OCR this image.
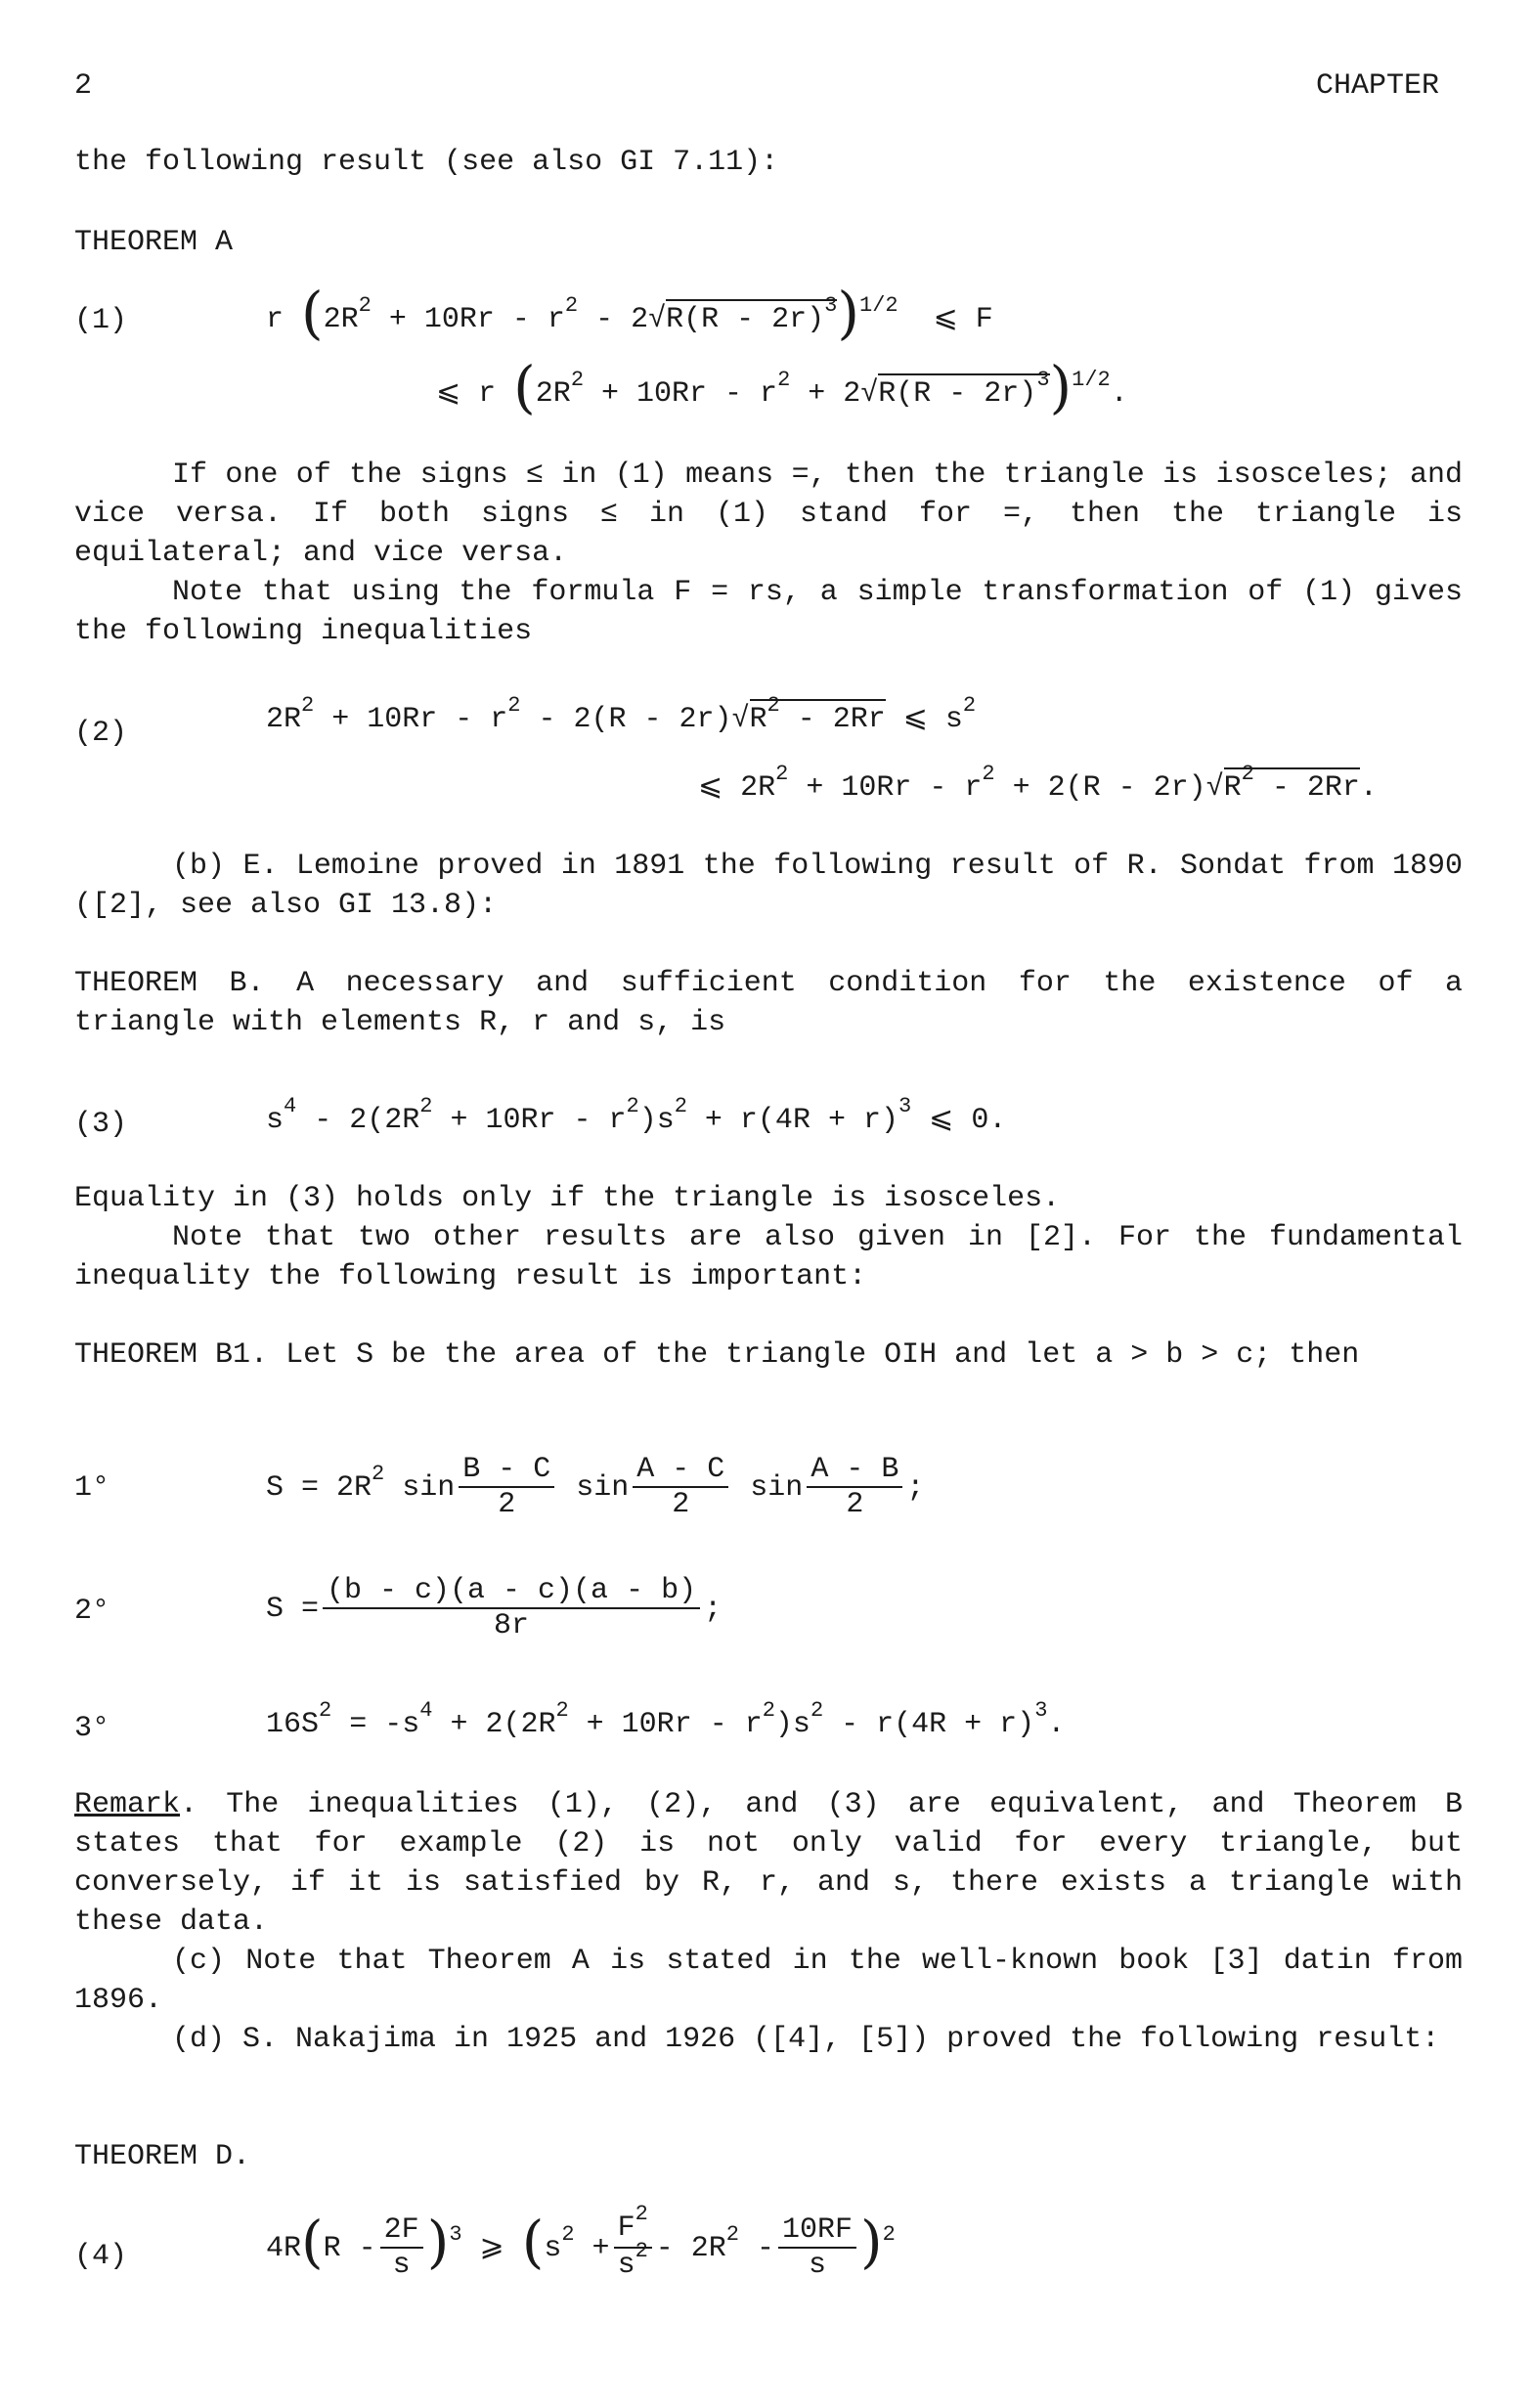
2	CHAPTER
the following result (see also GI 7.11):
THEOREM A
(1)	r $(2R^2 + 10Rr - r^2 - 2√R(R - 2r)^3)^{1/2}$  ⩽ F
⩽ r $(2R^2 + 10Rr - r^2 + 2√R(R - 2r)^3)^{1/2}$.
If one of the signs ≤ in (1) means =, then the triangle is isosceles; and vice versa. If both signs ≤ in (1) stand for =, then the triangle is equilateral; and vice versa.
Note that using the formula F = rs, a simple transformation of (1) gives the following inequalities
(2)	$2R^2 + 10Rr - r^2 - 2(R - 2r)√R^2 - 2Rr$ ⩽ $s^2$
⩽ $2R^2 + 10Rr - r^2 + 2(R - 2r)√R^2 - 2Rr$.
(b) E. Lemoine proved in 1891 the following result of R. Sondat from 1890 ([2], see also GI 13.8):
THEOREM B. A necessary and sufficient condition for the existence of a triangle with elements R, r and s, is
(3)	$s^4 - 2(2R^2 + 10Rr - r^2)s^2 + r(4R + r)^3$ ⩽ 0.
Equality in (3) holds only if the triangle is isosceles.
Note that two other results are also given in [2]. For the fundamental inequality the following result is important:
THEOREM B1. Let S be the area of the triangle OIH and let a > b > c; then
1°	$S = 2R^2$ $\sin \frac{B - C}{2}$ $\sin \frac{A - C}{2}$ $\sin \frac{A - B}{2}$ ;
2°	$S = \frac{(b - c)(a - c)(a - b)}{8r}$ ;
3°	$16S^2 = -s^4 + 2(2R^2 + 10Rr - r^2)s^2 - r(4R + r)^3$.
Remark. The inequalities (1), (2), and (3) are equivalent, and Theorem B states that for example (2) is not only valid for every triangle, but conversely, if it is satisfied by R, r, and s, there exists a triangle with these data.
(c) Note that Theorem A is stated in the well-known book [3] datin from 1896.
(d) S. Nakajima in 1925 and 1926 ([4], [5]) proved the following result:
THEOREM D.
(4)	$4R(R - \frac{2F}{s} )^3$ ⩾ $(s^2 + \frac{F^2}{s^2} - 2R^2 - \frac{10RF}{s} )^2$
